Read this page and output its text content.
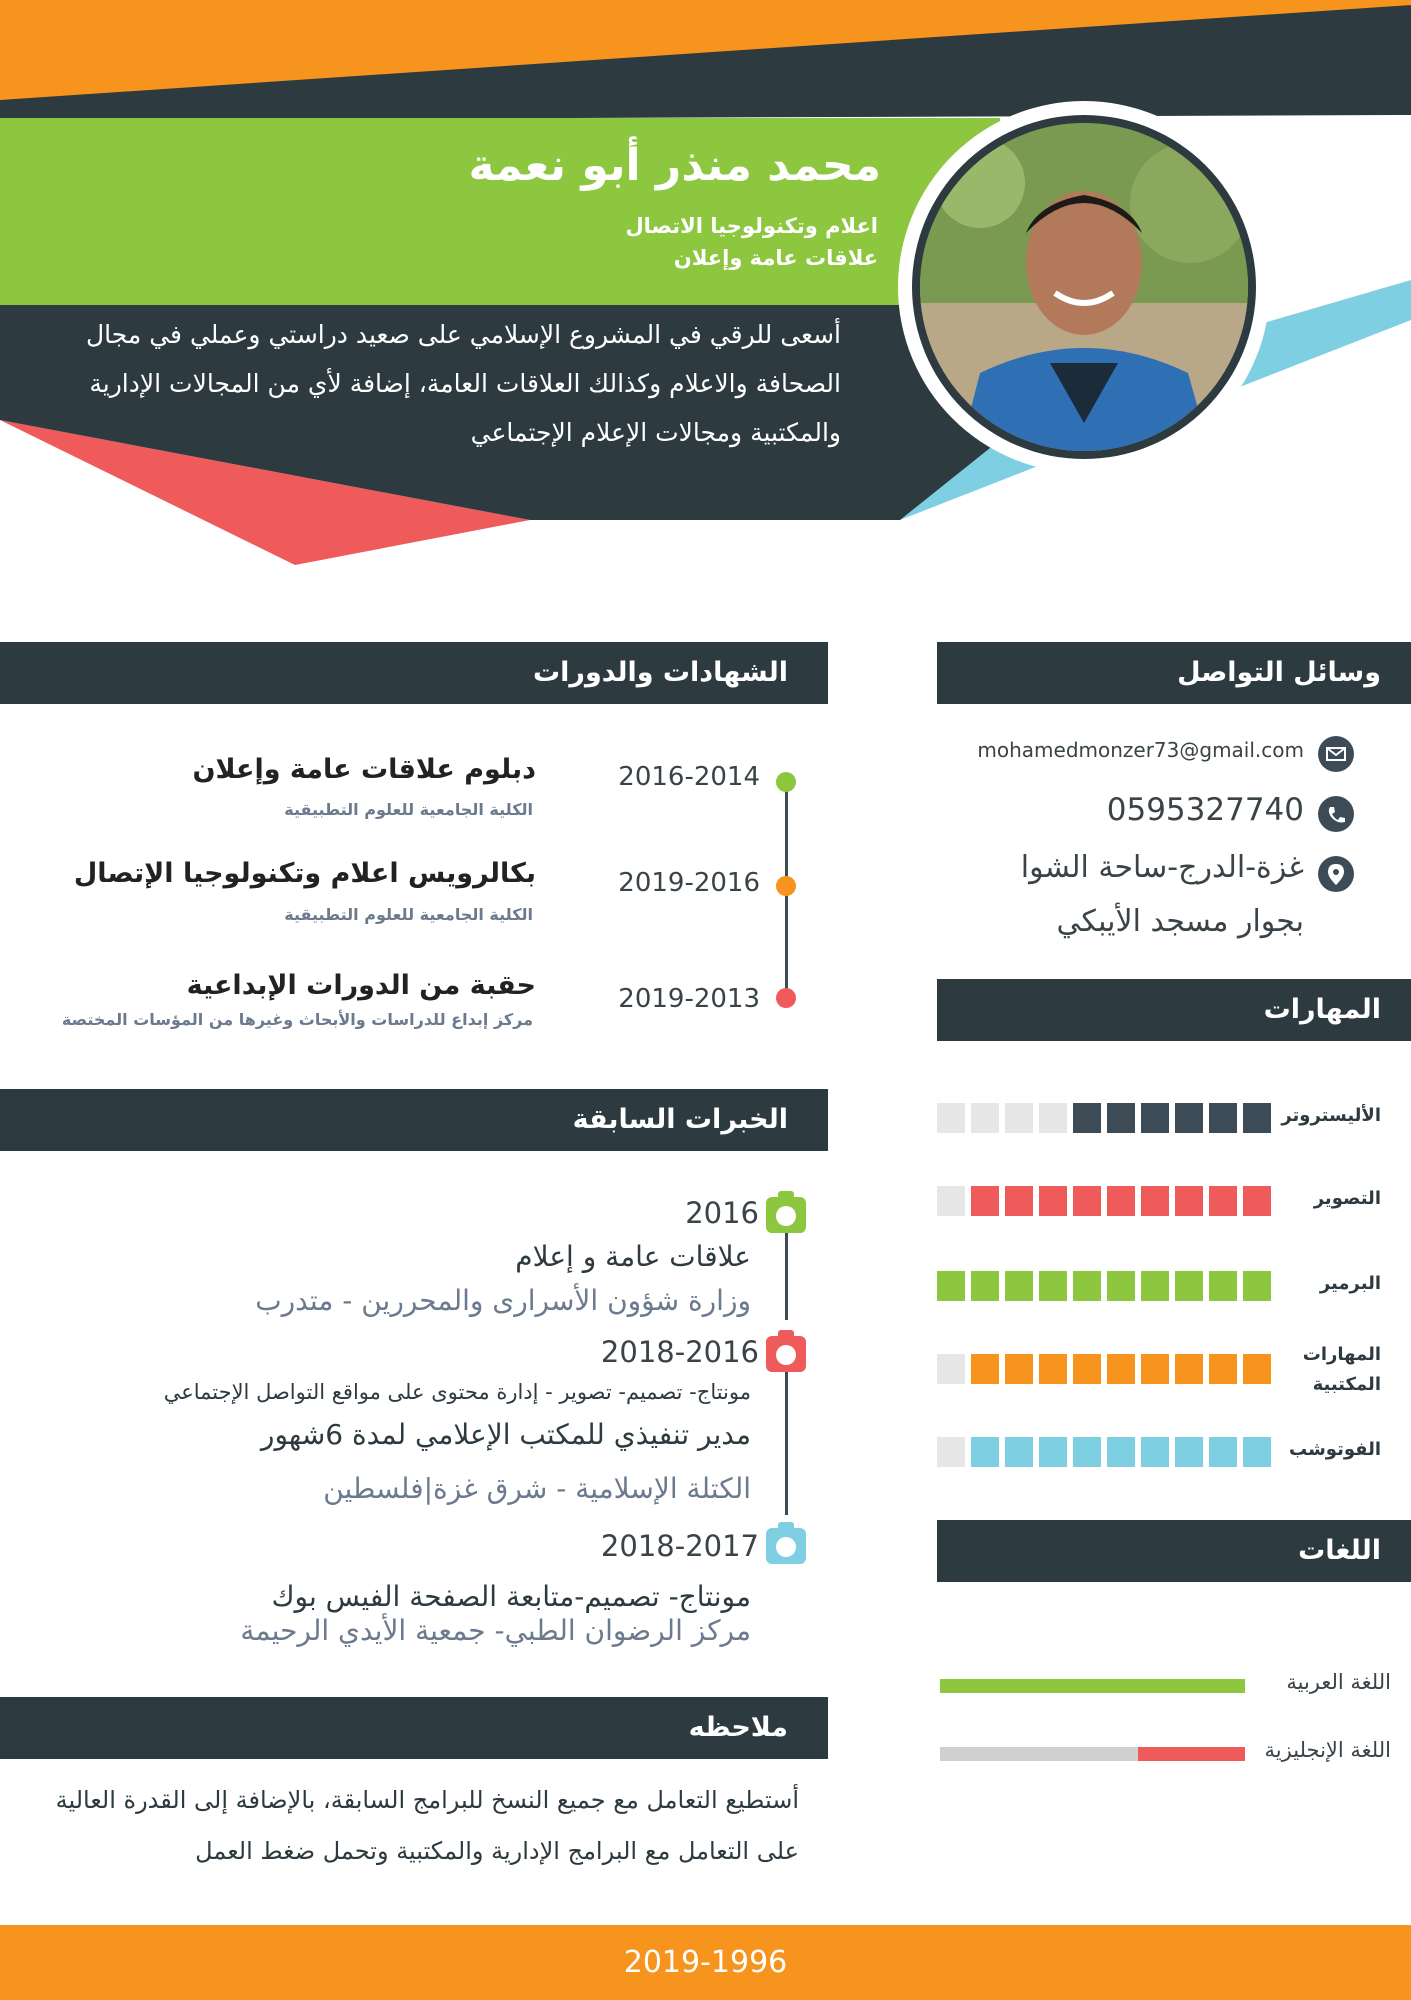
محمد منذر أبو نعمة
اعلام وتكنولوجيا الاتصال
علاقات عامة وإعلان
أسعى للرقي في المشروع الإسلامي على صعيد دراستي وعملي في مجال الصحافة والاعلام وكذالك العلاقات العامة، إضافة لأي من المجالات الإدارية والمكتبية ومجالات الإعلام الإجتماعي
الشهادات والدورات
2016-2014
دبلوم علاقات عامة وإعلان
الكلية الجامعية للعلوم التطبيقية
2019-2016
بكالرويس اعلام وتكنولوجيا الإتصال
الكلية الجامعية للعلوم التطبيقية
2019-2013
حقبة من الدورات الإبداعية
مركز إبداع للدراسات والأبحاث وغيرها من المؤسات المختصة
الخبرات السابقة
2016
علاقات عامة و إعلام
وزارة شؤون الأسرارى والمحررين - متدرب
2018-2016
مونتاج- تصميم- تصوير - إدارة محتوى على مواقع التواصل الإجتماعي
مدير تنفيذي للمكتب الإعلامي لمدة 6شهور
الكتلة الإسلامية - شرق غزة|فلسطين
2018-2017
مونتاج- تصميم-متابعة الصفحة الفيس بوك
مركز الرضوان الطبي- جمعية الأيدي الرحيمة
ملاحظه
أستطيع التعامل مع جميع النسخ للبرامج السابقة، بالإضافة إلى القدرة العالية على التعامل مع البرامج الإدارية والمكتبية وتحمل ضغط العمل
وسائل التواصل
mohamedmonzer73@gmail.com
0595327740
غزة-الدرج-ساحة الشوا
بجوار مسجد الأيبكي
المهارات
الأليستروتر
التصوير
البرمير
المهارات المكتبية
الفوتوشب
اللغات
اللغة العربية
اللغة الإنجليزية
2019-1996
